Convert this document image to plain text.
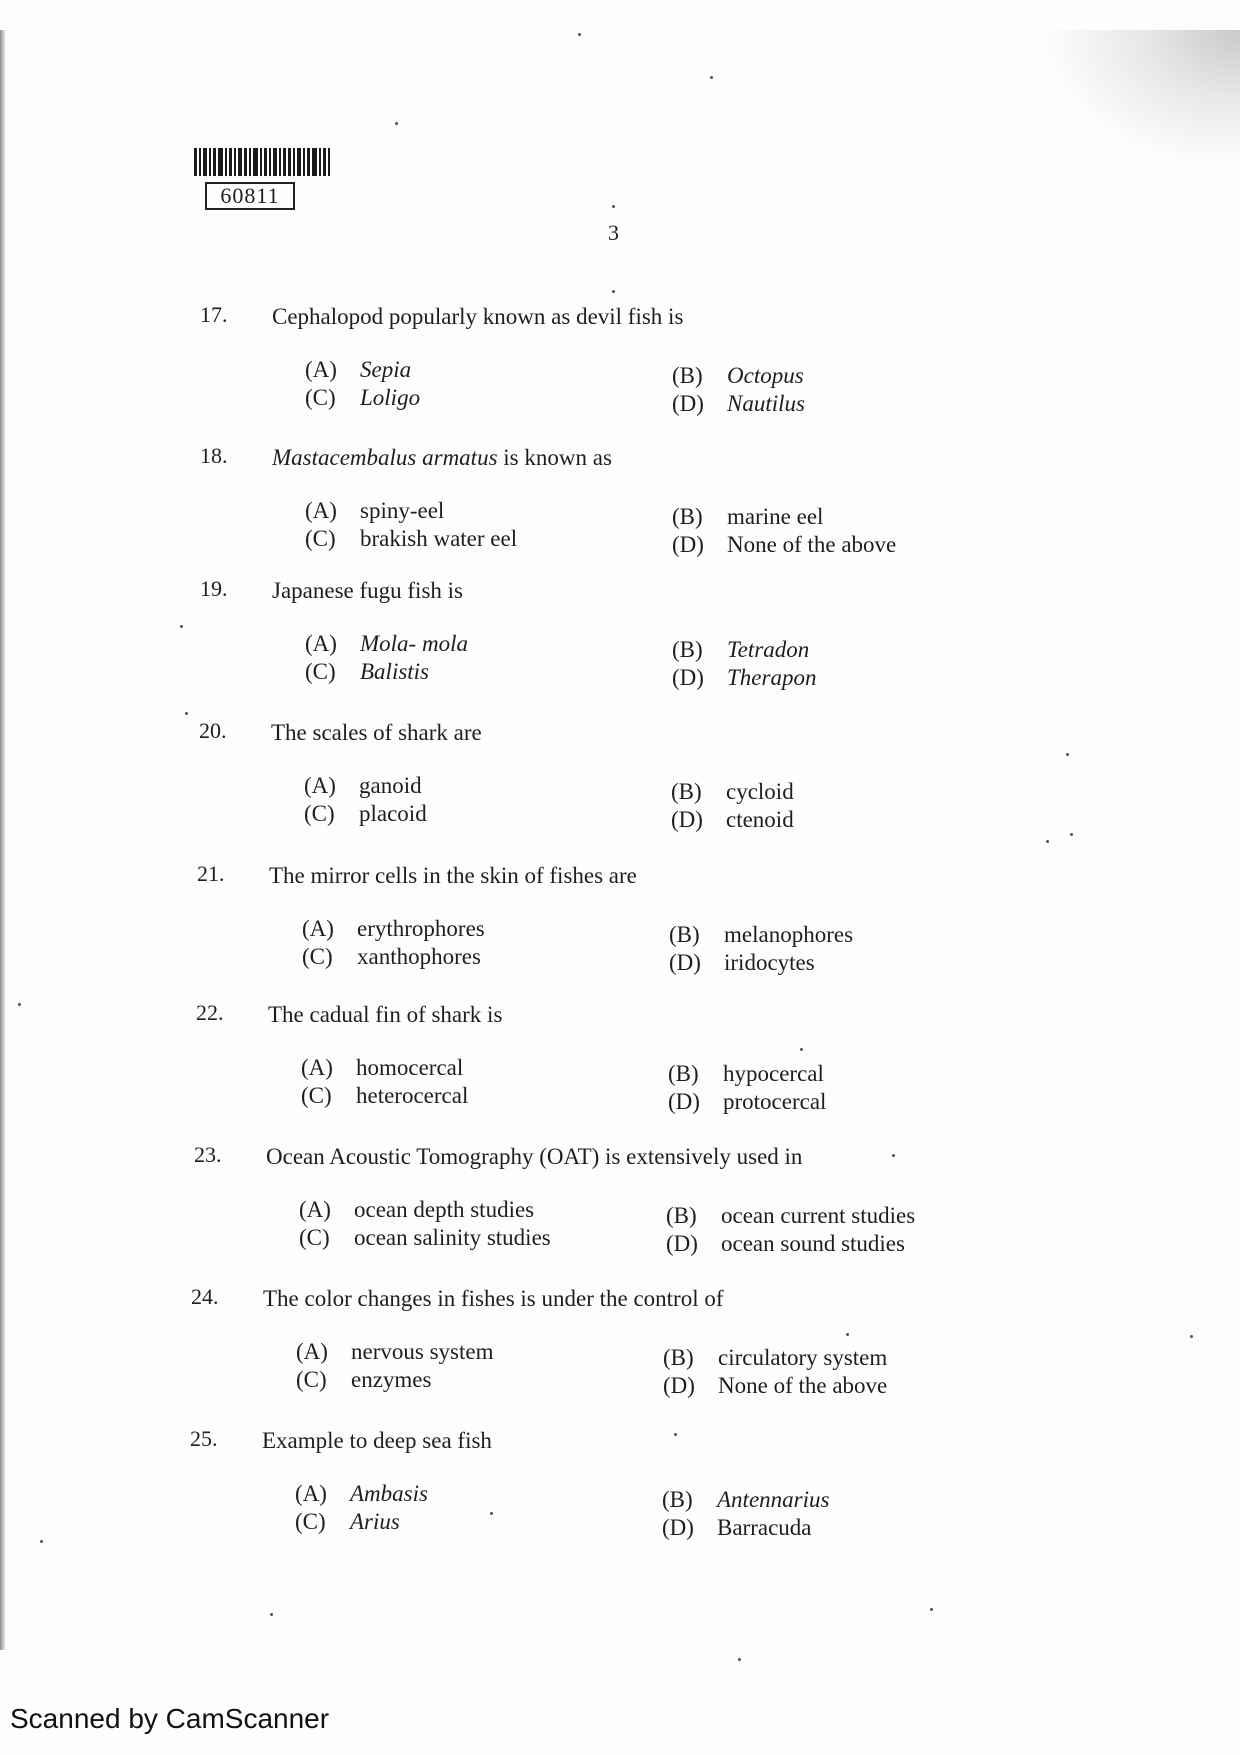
60811
3
17. Cephalopod popularly known as devil fish is
(A) Sepia	(B) Octopus
(C) Loligo	(D) Nautilus
18. Mastacembalus armatus is known as
(A) spiny-eel	(B) marine eel
(C) brakish water eel	(D) None of the above
19. Japanese fugu fish is
(A) Mola- mola	(B) Tetradon
(C) Balistis	(D) Therapon
20. The scales of shark are
(A) ganoid	(B) cycloid
(C) placoid	(D) ctenoid
21. The mirror cells in the skin of fishes are
(A) erythrophores	(B) melanophores
(C) xanthophores	(D) iridocytes
22. The cadual fin of shark is
(A) homocercal	(B) hypocercal
(C) heterocercal	(D) protocercal
23. Ocean Acoustic Tomography (OAT) is extensively used in
(A) ocean depth studies	(B) ocean current studies
(C) ocean salinity studies	(D) ocean sound studies
24. The color changes in fishes is under the control of
(A) nervous system	(B) circulatory system
(C) enzymes	(D) None of the above
25. Example to deep sea fish
(A) Ambasis	(B) Antennarius
(C) Arius	(D) Barracuda
Scanned by CamScanner
